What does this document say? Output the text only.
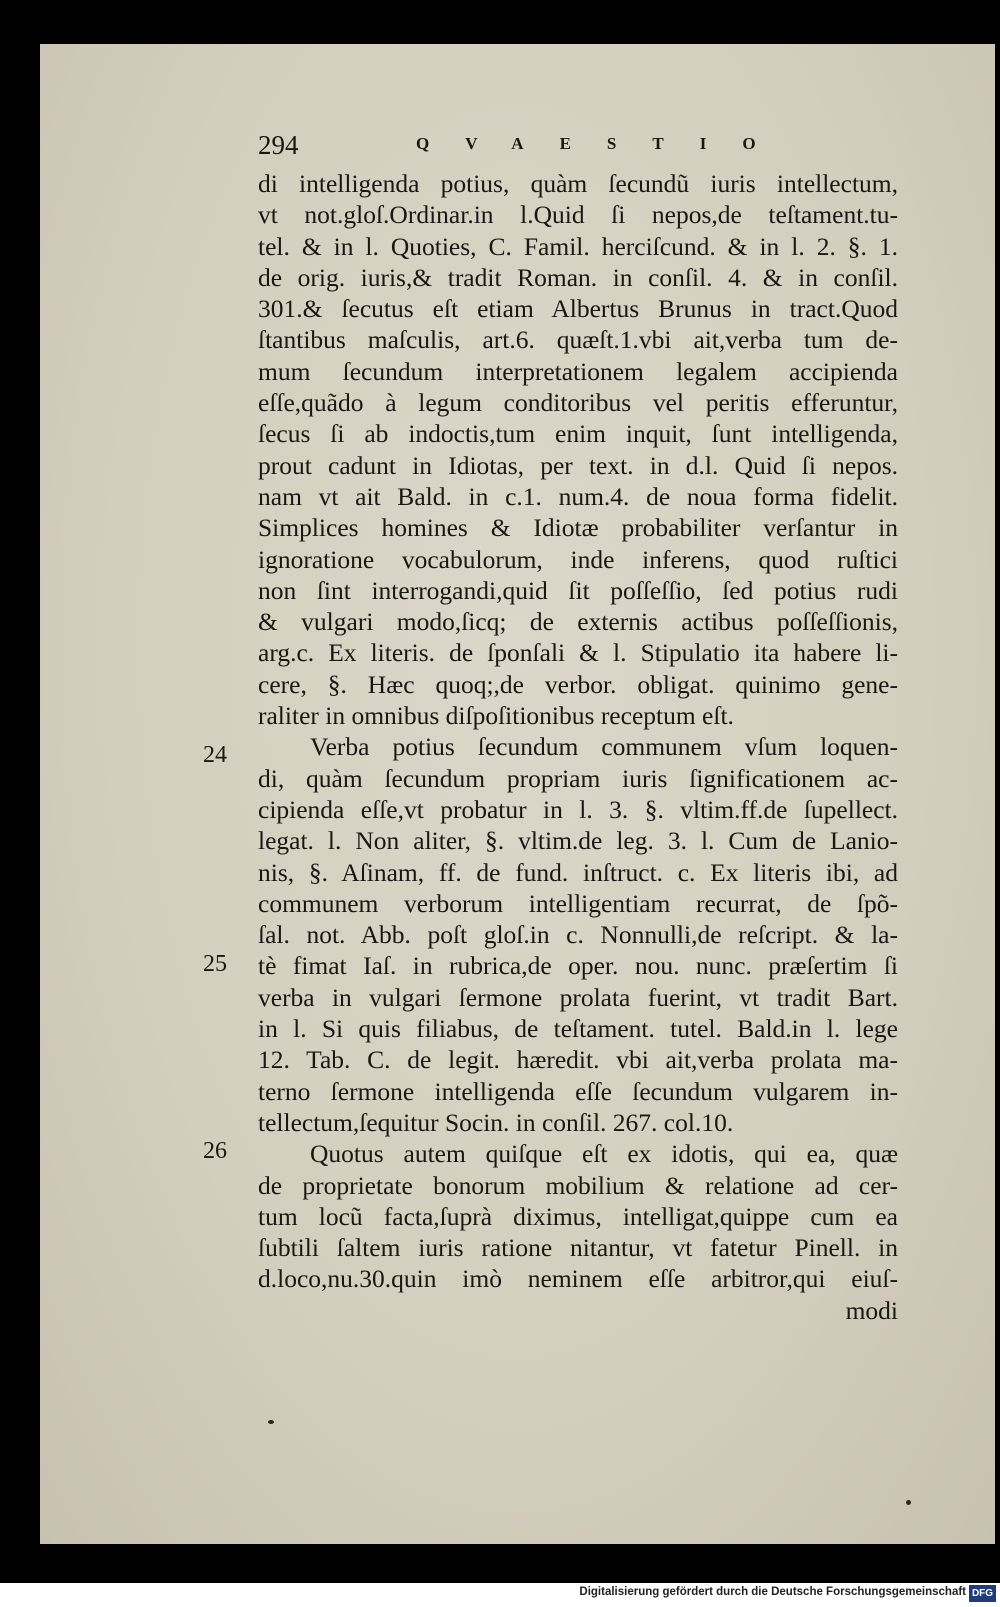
294	QVAESTIO
di intelligenda potius, quàm ſecundũ iuris intellectum,
vt not.gloſ.Ordinar.in l.Quid ſi nepos,de teſtament.tu-
tel. & in l. Quoties, C. Famil. herciſcund. & in l. 2. §. 1.
de orig. iuris,& tradit Roman. in conſil. 4. & in conſil.
301.& ſecutus eſt etiam Albertus Brunus in tract.Quod
ſtantibus maſculis, art.6. quæſt.1.vbi ait,verba tum de-
mum ſecundum interpretationem legalem accipienda
eſſe,quãdo à legum conditoribus vel peritis efferuntur,
ſecus ſi ab indoctis,tum enim inquit, ſunt intelligenda,
prout cadunt in Idiotas, per text. in d.l. Quid ſi nepos.
nam vt ait Bald. in c.1. num.4. de noua forma fidelit.
Simplices homines & Idiotæ probabiliter verſantur in
ignoratione vocabulorum, inde inferens, quod ruſtici
non ſint interrogandi,quid ſit poſſeſſio, ſed potius rudi
& vulgari modo,ſicq; de externis actibus poſſeſſionis,
arg.c. Ex literis. de ſponſali & l. Stipulatio ita habere li-
cere, §. Hæc quoq;,de verbor. obligat. quinimo gene-
raliter in omnibus diſpoſitionibus receptum eſt.
Verba potius ſecundum communem vſum loquen-
di, quàm ſecundum propriam iuris ſignificationem ac-
cipienda eſſe,vt probatur in l. 3. §. vltim.ff.de ſupellect.
legat. l. Non aliter, §. vltim.de leg. 3. l. Cum de Lanio-
nis, §. Aſinam, ff. de fund. inſtruct. c. Ex literis ibi, ad
communem verborum intelligentiam recurrat, de ſpõ-
ſal. not. Abb. poſt gloſ.in c. Nonnulli,de reſcript. & la-
tè fimat Iaſ. in rubrica,de oper. nou. nunc. præſertim ſi
verba in vulgari ſermone prolata fuerint, vt tradit Bart.
in l. Si quis filiabus, de teſtament. tutel. Bald.in l. lege
12. Tab. C. de legit. hæredit. vbi ait,verba prolata ma-
terno ſermone intelligenda eſſe ſecundum vulgarem in-
tellectum,ſequitur Socin. in conſil. 267. col.10.
Quotus autem quiſque eſt ex idotis, qui ea, quæ
de proprietate bonorum mobilium & relatione ad cer-
tum locũ facta,ſuprà diximus, intelligat,quippe cum ea
ſubtili ſaltem iuris ratione nitantur, vt fatetur Pinell. in
d.loco,nu.30.quin imò neminem eſſe arbitror,qui eiuſ-
modi
24
25
26
Digitalisierung gefördert durch die Deutsche Forschungsgemeinschaft DFG
